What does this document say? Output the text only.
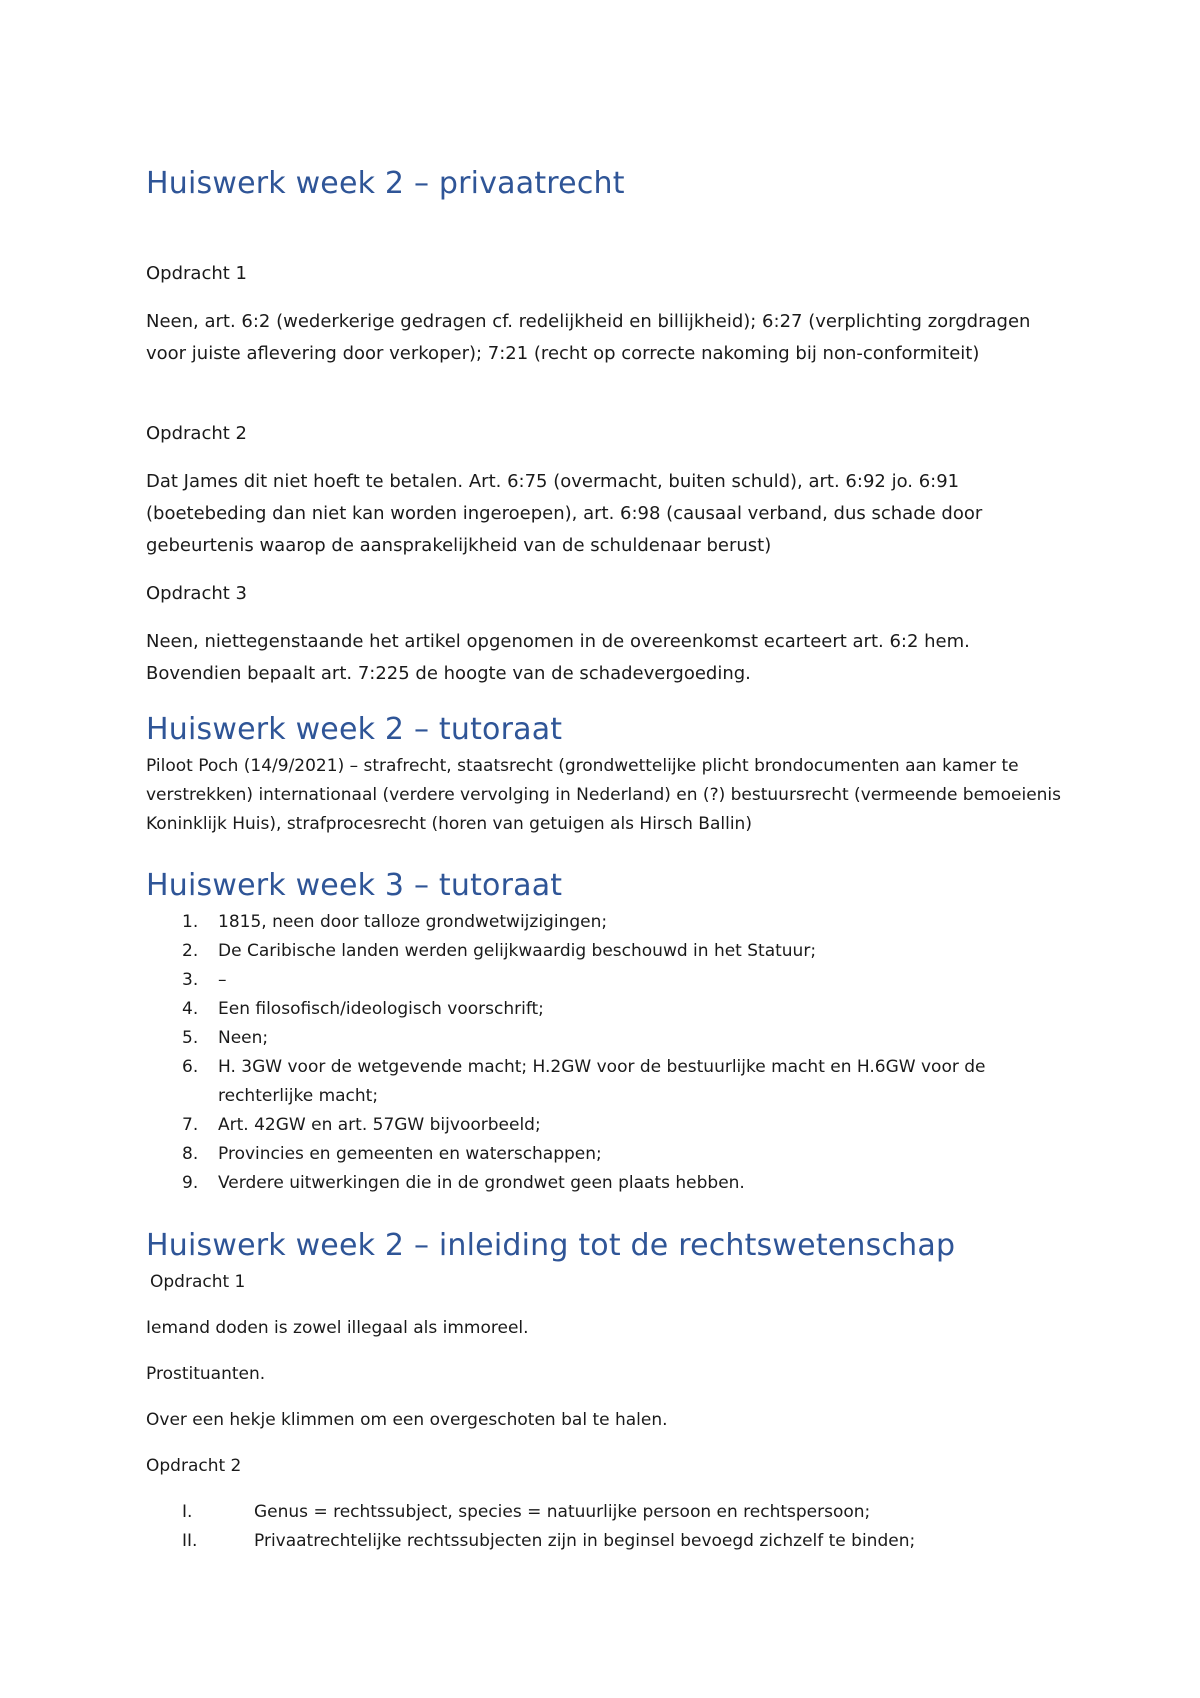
Huiswerk week 2 – privaatrecht

Opdracht 1

Neen, art. 6:2 (wederkerige gedragen cf. redelijkheid en billijkheid); 6:27 (verplichting zorgdragen voor juiste aflevering door verkoper); 7:21 (recht op correcte nakoming bij non-conformiteit)

Opdracht 2

Dat James dit niet hoeft te betalen. Art. 6:75 (overmacht, buiten schuld), art. 6:92 jo. 6:91 (boetebeding dan niet kan worden ingeroepen), art. 6:98 (causaal verband, dus schade door gebeurtenis waarop de aansprakelijkheid van de schuldenaar berust)

Opdracht 3

Neen, niettegenstaande het artikel opgenomen in de overeenkomst ecarteert art. 6:2 hem. Bovendien bepaalt art. 7:225 de hoogte van de schadevergoeding.

Huiswerk week 2 – tutoraat

Piloot Poch (14/9/2021) – strafrecht, staatsrecht (grondwettelijke plicht brondocumenten aan kamer te verstrekken) internationaal (verdere vervolging in Nederland) en (?) bestuursrecht (vermeende bemoeienis Koninklijk Huis), strafprocesrecht (horen van getuigen als Hirsch Ballin)

Huiswerk week 3 – tutoraat
1. 1815, neen door talloze grondwetwijzigingen;
2. De Caribische landen werden gelijkwaardig beschouwd in het Statuur;
3. –
4. Een filosofisch/ideologisch voorschrift;
5. Neen;
6. H. 3GW voor de wetgevende macht; H.2GW voor de bestuurlijke macht en H.6GW voor de rechterlijke macht;
7. Art. 42GW en art. 57GW bijvoorbeeld;
8. Provincies en gemeenten en waterschappen;
9. Verdere uitwerkingen die in de grondwet geen plaats hebben.
Huiswerk week 2 – inleiding tot de rechtswetenschap

Opdracht 1

Iemand doden is zowel illegaal als immoreel.

Prostituanten.

Over een hekje klimmen om een overgeschoten bal te halen.

Opdracht 2

I.	Genus = rechtssubject, species = natuurlijke persoon en rechtspersoon;
II.	Privaatrechtelijke rechtssubjecten zijn in beginsel bevoegd zichzelf te binden;
